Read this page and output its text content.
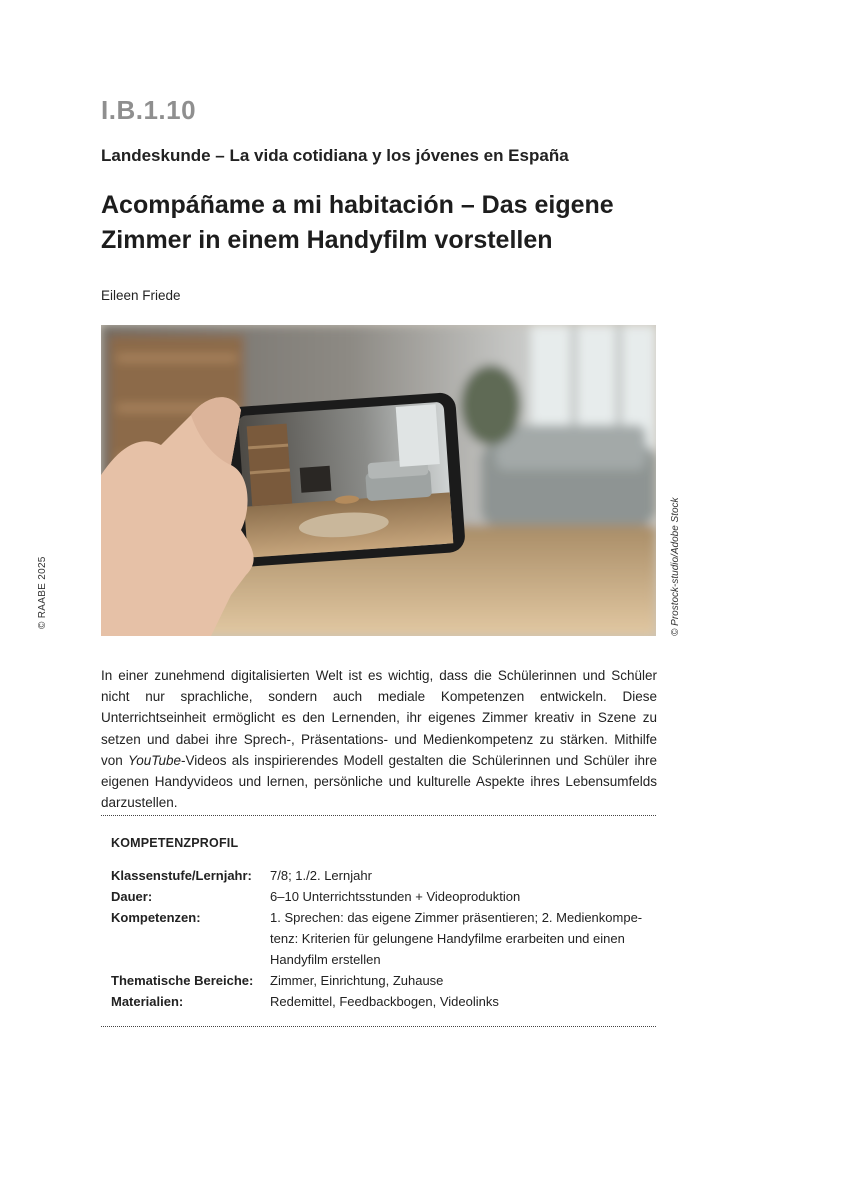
I.B.1.10
Landeskunde – La vida cotidiana y los jóvenes en España
Acompáñame a mi habitación – Das eigene
Zimmer in einem Handyfilm vorstellen
Eileen Friede
© Prostock-studio/Adobe Stock
© RAABE 2025

In einer zunehmend digitalisierten Welt ist es wichtig, dass die Schülerinnen und Schüler nicht nur sprachliche, sondern auch mediale Kompetenzen entwickeln. Diese Unterrichtseinheit ermöglicht es den Lernenden, ihr eigenes Zimmer kreativ in Szene zu setzen und dabei ihre Sprech-, Präsentations- und Medienkompetenz zu stärken. Mithilfe von YouTube-Videos als inspirierendes Modell gestalten die Schülerinnen und Schüler ihre eigenen Handyvideos und lernen, persönliche und kulturelle Aspekte ihres Lebensumfelds darzustellen.

KOMPETENZPROFIL
Klassenstufe/Lernjahr:	7/8; 1./2. Lernjahr
Dauer:	6–10 Unterrichtsstunden + Videoproduktion
Kompetenzen:	1. Sprechen: das eigene Zimmer präsentieren; 2. Medienkompe-
tenz: Kriterien für gelungene Handyfilme erarbeiten und einen
Handyfilm erstellen
Thematische Bereiche:	Zimmer, Einrichtung, Zuhause
Materialien:	Redemittel, Feedbackbogen, Videolinks
